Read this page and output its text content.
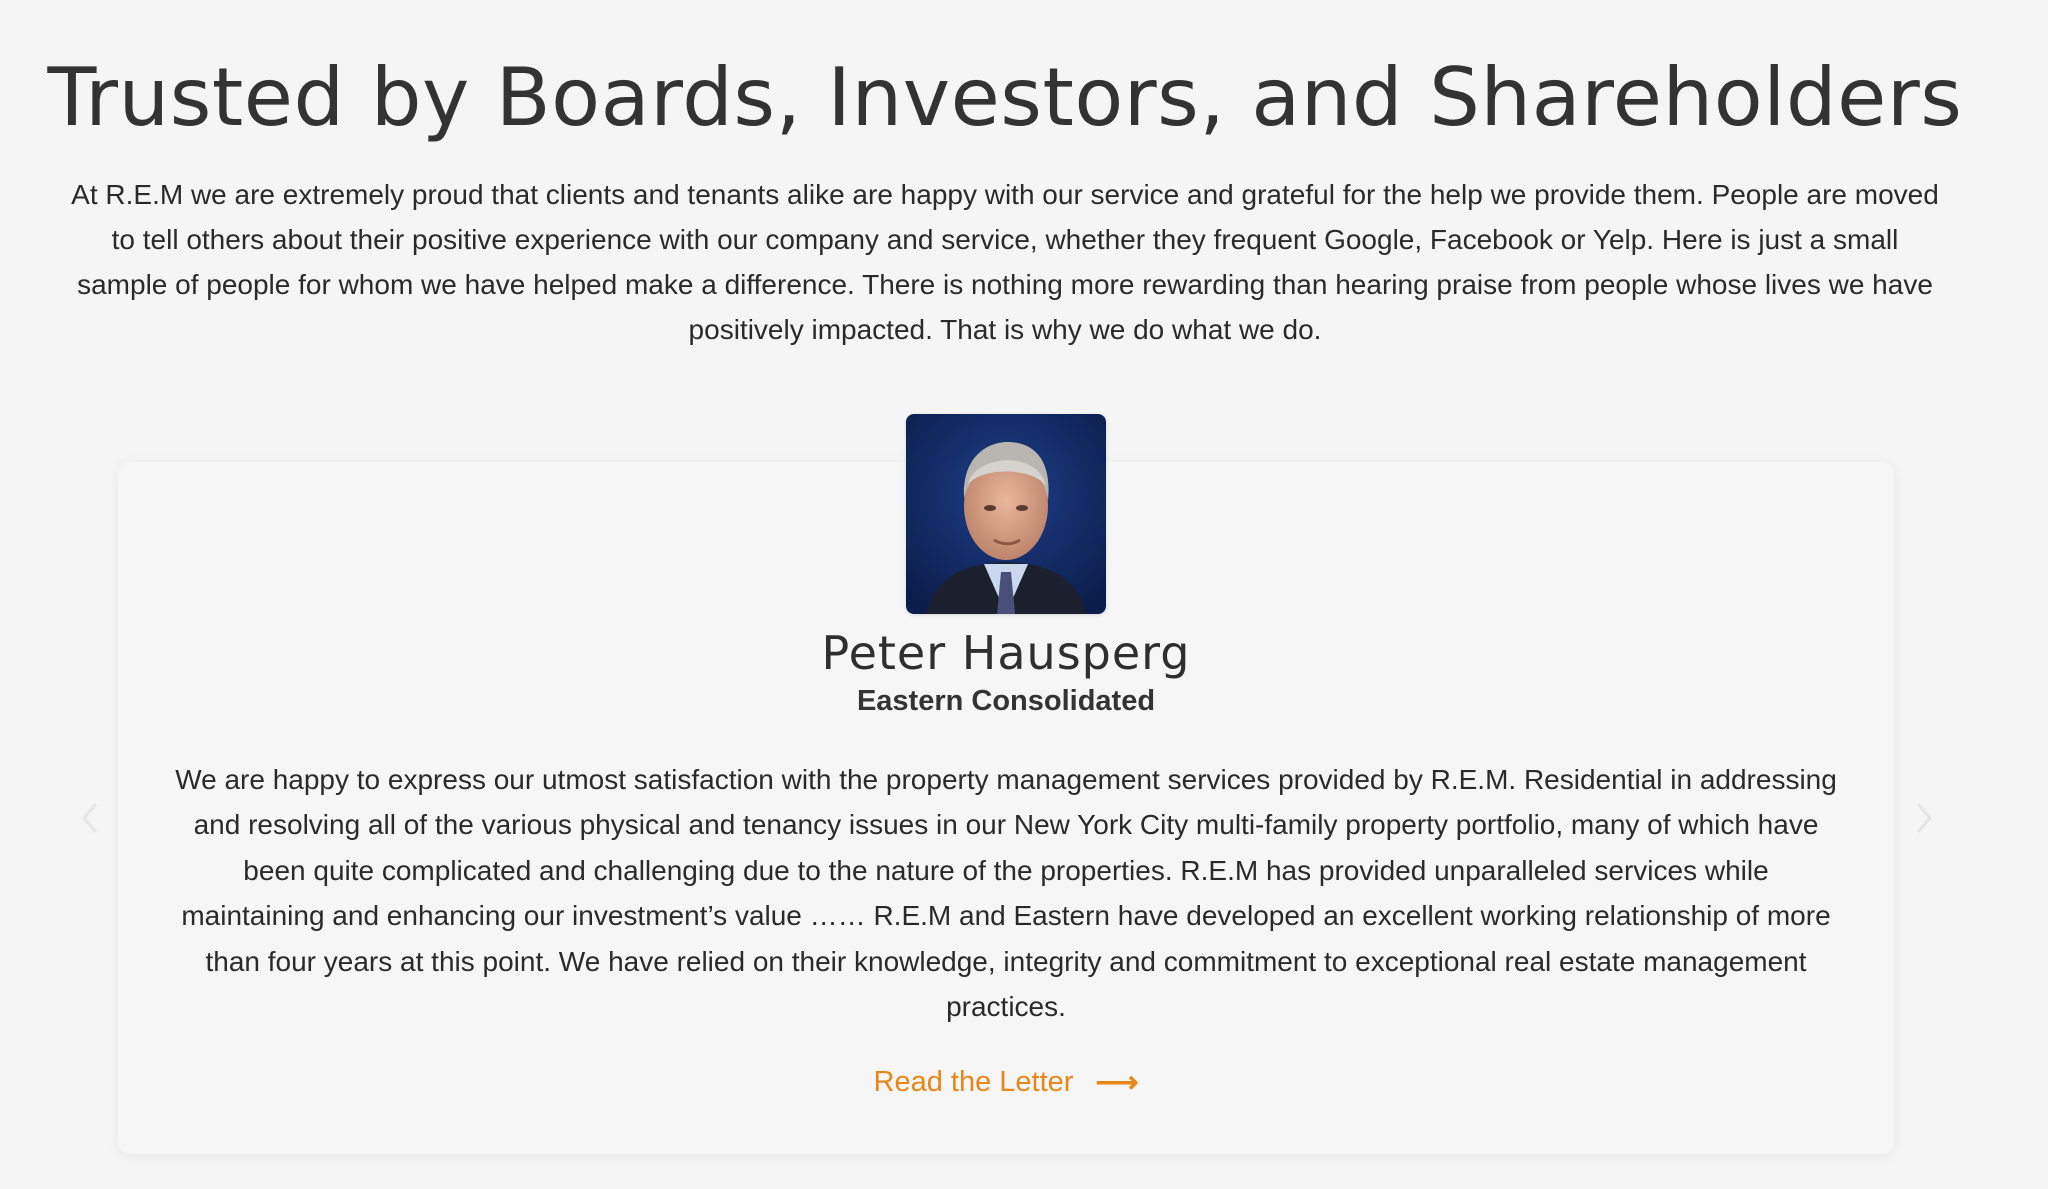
Trusted by Boards, Investors, and Shareholders

At R.E.M we are extremely proud that clients and tenants alike are happy with our service and grateful for the help we provide them. People are moved to tell others about their positive experience with our company and service, whether they frequent Google, Facebook or Yelp. Here is just a small sample of people for whom we have helped make a difference. There is nothing more rewarding than hearing praise from people whose lives we have positively impacted. That is why we do what we do.

Peter Hausperg
Eastern Consolidated

We are happy to express our utmost satisfaction with the property management services provided by R.E.M. Residential in addressing and resolving all of the various physical and tenancy issues in our New York City multi-family property portfolio, many of which have been quite complicated and challenging due to the nature of the properties. R.E.M has provided unparalleled services while maintaining and enhancing our investment’s value …… R.E.M and Eastern have developed an excellent working relationship of more than four years at this point. We have relied on their knowledge, integrity and commitment to exceptional real estate management practices.

Read the Letter ⟶
